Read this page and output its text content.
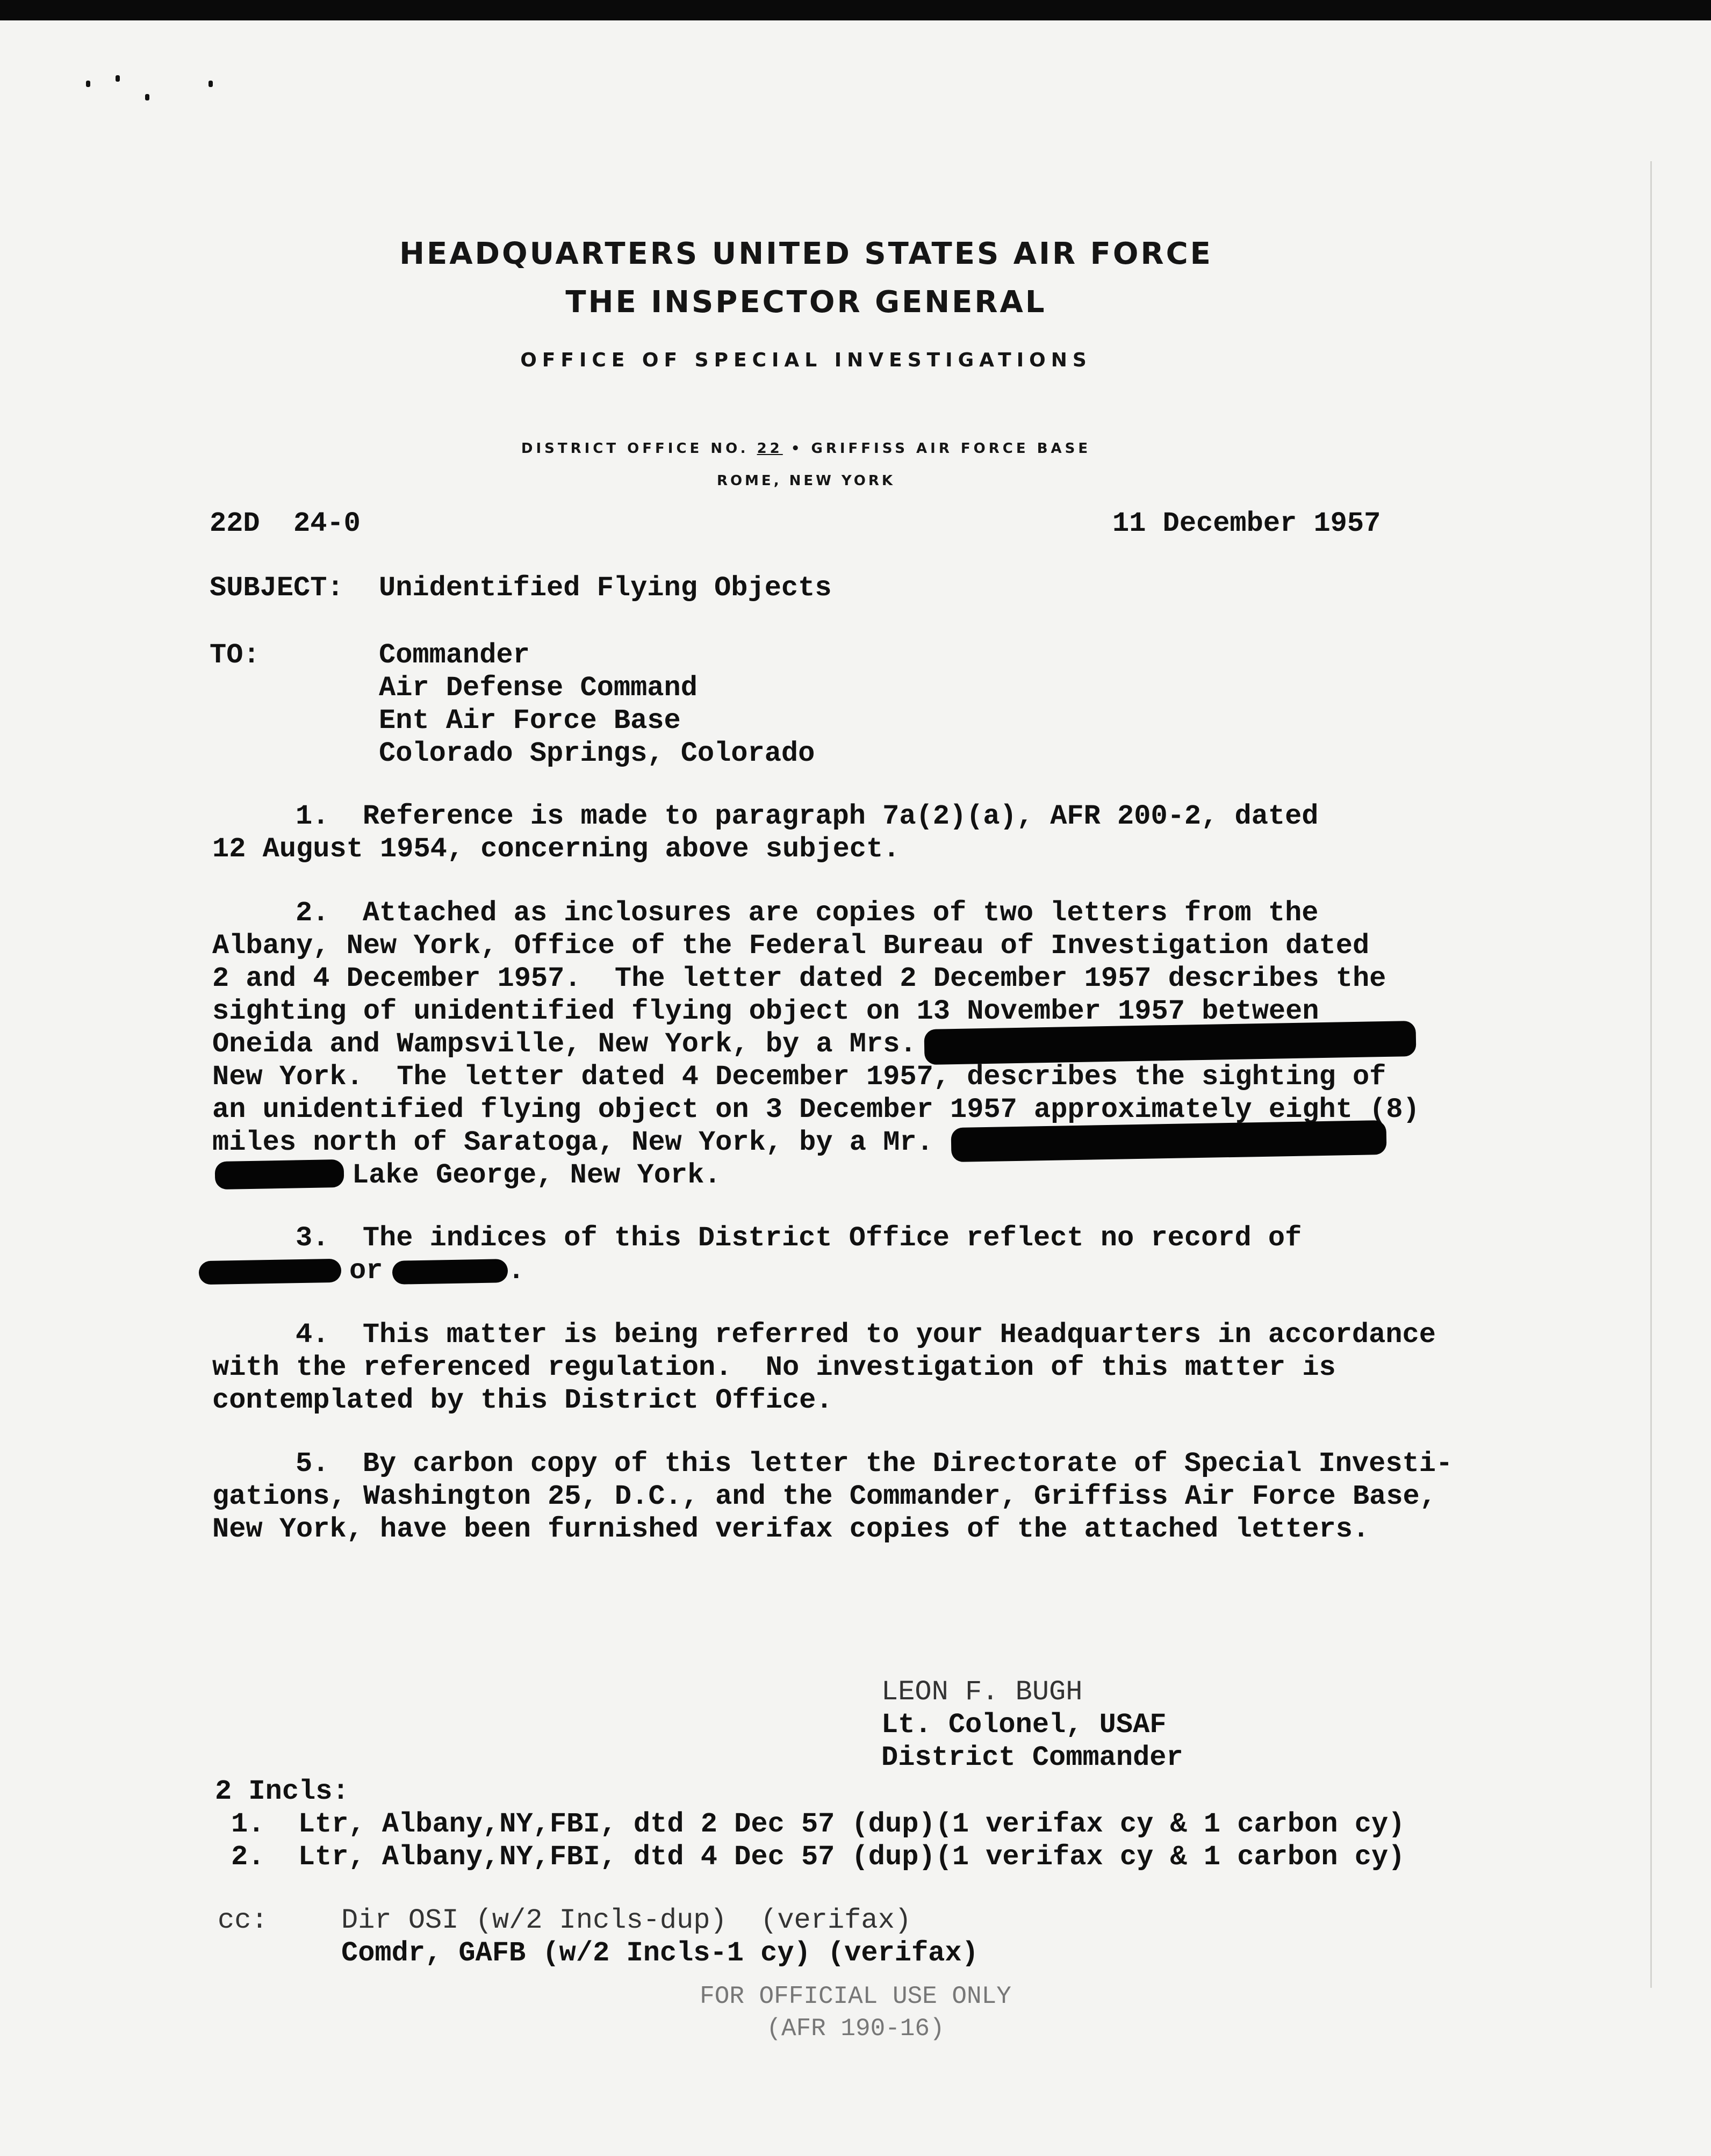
HEADQUARTERS UNITED STATES AIR FORCE
THE INSPECTOR GENERAL
OFFICE OF SPECIAL INVESTIGATIONS
DISTRICT OFFICE NO. 22 • GRIFFISS AIR FORCE BASE
ROME, NEW YORK
22D  24-0	11 December 1957
SUBJECT: Unidentified Flying Objects
TO:	Commander
Air Defense Command
Ent Air Force Base
Colorado Springs, Colorado
1.  Reference is made to paragraph 7a(2)(a), AFR 200-2, dated
12 August 1954, concerning above subject.
2.  Attached as inclosures are copies of two letters from the
Albany, New York, Office of the Federal Bureau of Investigation dated
2 and 4 December 1957.  The letter dated 2 December 1957 describes the
sighting of unidentified flying object on 13 November 1957 between
Oneida and Wampsville, New York, by a Mrs.
New York.  The letter dated 4 December 1957, describes the sighting of
an unidentified flying object on 3 December 1957 approximately eight (8)
miles north of Saratoga, New York, by a Mr.
Lake George, New York.
3.  The indices of this District Office reflect no record of
or	.
4.  This matter is being referred to your Headquarters in accordance
with the referenced regulation.  No investigation of this matter is
contemplated by this District Office.
5.  By carbon copy of this letter the Directorate of Special Investi-
gations, Washington 25, D.C., and the Commander, Griffiss Air Force Base,
New York, have been furnished verifax copies of the attached letters.
LEON F. BUGH
Lt. Colonel, USAF
District Commander
2 Incls:
1.  Ltr, Albany,NY,FBI, dtd 2 Dec 57 (dup)(1 verifax cy & 1 carbon cy)
2.  Ltr, Albany,NY,FBI, dtd 4 Dec 57 (dup)(1 verifax cy & 1 carbon cy)
cc:	Dir OSI (w/2 Incls-dup)  (verifax)
Comdr, GAFB (w/2 Incls-1 cy) (verifax)
FOR OFFICIAL USE ONLY
(AFR 190-16)
